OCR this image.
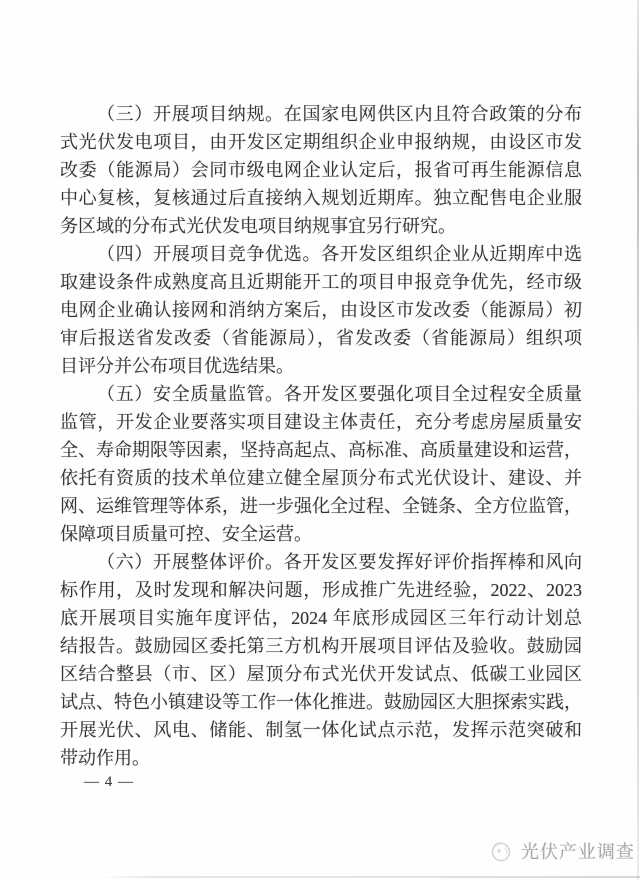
（三）开展项目纳规。在国家电网供区内且符合政策的分布
式光伏发电项目，由开发区定期组织企业申报纳规，由设区市发
改委（能源局）会同市级电网企业认定后，报省可再生能源信息
中心复核，复核通过后直接纳入规划近期库。独立配售电企业服
务区域的分布式光伏发电项目纳规事宜另行研究。
（四）开展项目竞争优选。各开发区组织企业从近期库中选
取建设条件成熟度高且近期能开工的项目申报竞争优先，经市级
电网企业确认接网和消纳方案后，由设区市发改委（能源局）初
审后报送省发改委（省能源局），省发改委（省能源局）组织项
目评分并公布项目优选结果。
（五）安全质量监管。各开发区要强化项目全过程安全质量
监管，开发企业要落实项目建设主体责任，充分考虑房屋质量安
全、寿命期限等因素，坚持高起点、高标准、高质量建设和运营，
依托有资质的技术单位建立健全屋顶分布式光伏设计、建设、并
网、运维管理等体系，进一步强化全过程、全链条、全方位监管，
保障项目质量可控、安全运营。
（六）开展整体评价。各开发区要发挥好评价指挥棒和风向
标作用，及时发现和解决问题，形成推广先进经验，2022、2023
底开展项目实施年度评估，2024 年底形成园区三年行动计划总
结报告。鼓励园区委托第三方机构开展项目评估及验收。鼓励园
区结合整县（市、区）屋顶分布式光伏开发试点、低碳工业园区
试点、特色小镇建设等工作一体化推进。鼓励园区大胆探索实践，
开展光伏、风电、储能、制氢一体化试点示范，发挥示范突破和
带动作用。
— 4 —
光伏产业调查
